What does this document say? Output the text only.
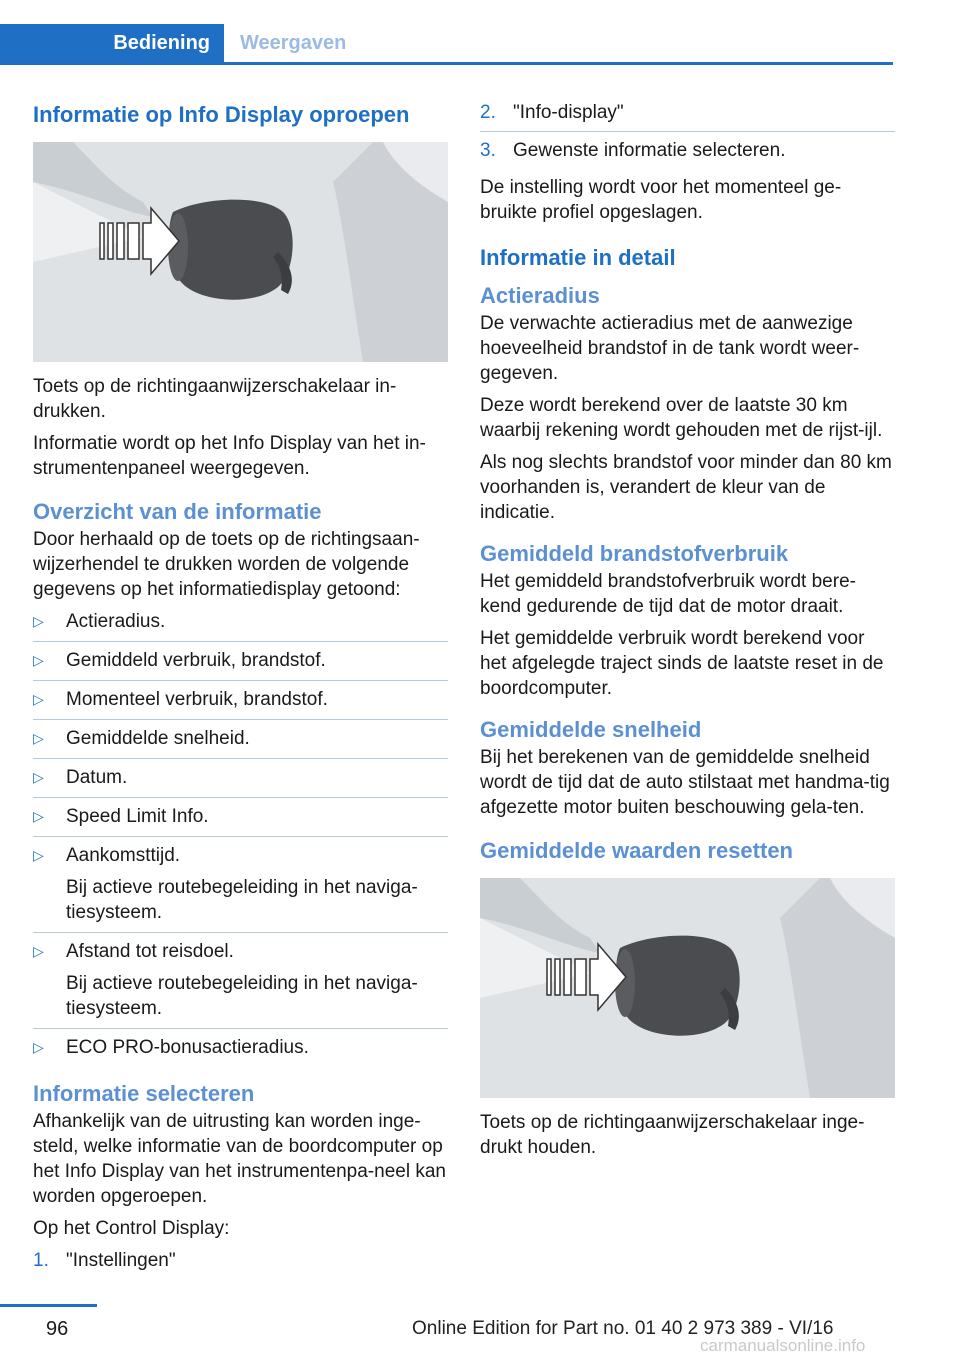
Bediening	Weergaven
Informatie op Info Display oproepen

Toets op de richtingaanwijzerschakelaar in-drukken.

Informatie wordt op het Info Display van het in-strumentenpaneel weergegeven.

Overzicht van de informatie

Door herhaald op de toets op de richtingsaan-wijzerhendel te drukken worden de volgende gegevens op het informatiedisplay getoond:

▷ Actieradius.
▷ Gemiddeld verbruik, brandstof.
▷ Momenteel verbruik, brandstof.
▷ Gemiddelde snelheid.
▷ Datum.
▷ Speed Limit Info.
▷ Aankomsttijd.
Bij actieve routebegeleiding in het naviga-tiesysteem.
▷ Afstand tot reisdoel.
Bij actieve routebegeleiding in het naviga-tiesysteem.
▷ ECO PRO-bonusactieradius.
Informatie selecteren

Afhankelijk van de uitrusting kan worden inge-steld, welke informatie van de boordcomputer op het Info Display van het instrumentenpa-neel kan worden opgeroepen.

Op het Control Display:

1. "Instellingen"
2. "Info-display"
3. Gewenste informatie selecteren.

De instelling wordt voor het momenteel ge-bruikte profiel opgeslagen.

Informatie in detail
Actieradius

De verwachte actieradius met de aanwezige hoeveelheid brandstof in de tank wordt weer-gegeven.

Deze wordt berekend over de laatste 30 km waarbij rekening wordt gehouden met de rijst-ijl.

Als nog slechts brandstof voor minder dan 80 km voorhanden is, verandert de kleur van de indicatie.

Gemiddeld brandstofverbruik

Het gemiddeld brandstofverbruik wordt bere-kend gedurende de tijd dat de motor draait.

Het gemiddelde verbruik wordt berekend voor het afgelegde traject sinds de laatste reset in de boordcomputer.

Gemiddelde snelheid

Bij het berekenen van de gemiddelde snelheid wordt de tijd dat de auto stilstaat met handma-tig afgezette motor buiten beschouwing gela-ten.

Gemiddelde waarden resetten

Toets op de richtingaanwijzerschakelaar inge-drukt houden.

96	Online Edition for Part no. 01 40 2 973 389 - VI/16
carmanualsonline.info
